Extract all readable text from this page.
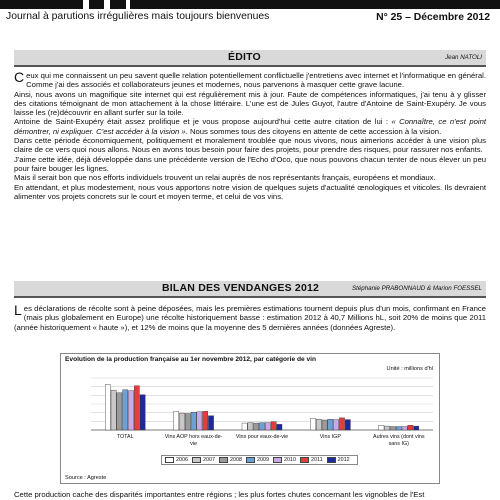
Journal à parutions irrégulières mais toujours bienvenues	N° 25 – Décembre 2012
ÉDITO	Jean NATOLI

Ceux qui me connaissent un peu savent quelle relation potentiellement conflictuelle j'entretiens avec internet et l'informatique en général. Comme j'ai des associés et collaborateurs jeunes et modernes, nous parvenons à masquer cette grave lacune.

Ainsi, nous avons un magnifique site internet qui est régulièrement mis à jour. Faute de compétences informatiques, j'ai tenu à y glisser des citations témoignant de mon attachement à la chose littéraire. L'une est de Jules Guyot, l'autre d'Antoine de Saint-Exupéry. Je vous laisse les (re)découvrir en allant surfer sur la toile.

Antoine de Saint-Exupéry était assez prolifique et je vous propose aujourd'hui cette autre citation de lui : « Connaître, ce n'est point démontrer, ni expliquer. C'est accéder à la vision ». Nous sommes tous des citoyens en attente de cette accession à la vision.

Dans cette période économiquement, politiquement et moralement troublée que nous vivons, nous aimerions accéder à une vision plus claire de ce vers quoi nous allons. Nous en avons tous besoin pour faire des projets, pour prendre des risques, pour rassurer nos enfants.

J'aime cette idée, déjà développée dans une précédente version de l'Echo d'Oco, que nous pouvons chacun tenter de nous élever un peu pour faire bouger les lignes.

Mais il serait bon que nos efforts individuels trouvent un relai auprès de nos représentants français, européens et mondiaux.

En attendant, et plus modestement, nous vous apportons notre vision de quelques sujets d'actualité œnologiques et viticoles. Ils devraient alimenter vos projets concrets sur le court et moyen terme, et celui de vos vins.

BILAN DES VENDANGES 2012	Stéphanie PRABONNAUD & Marion FOESSEL

Les déclarations de récolte sont à peine déposées, mais les premières estimations tournent depuis plus d'un mois, confirmant en France (mais plus globalement en Europe) une récolte historiquement basse : estimation 2012 à 40,7 Millions hL, soit 20% de moins que 2011 (année historiquement « haute »), et 12% de moins que la moyenne des 5 dernières années (données Agreste).

Evolution de la production française au 1er novembre 2012, par catégorie de vin
Unité : millions d'hl
TOTAL	Vins AOP hors eaux-de-
vie
Vins pour eaux-de-vie	Vins IGP	Autres vins (dont vins
sans IG)
2006	2007	2008	2009	2010	2011	2012
Source : Agreste

Cette production cache des disparités importantes entre régions ; les plus fortes chutes concernant les vignobles de l'Est
